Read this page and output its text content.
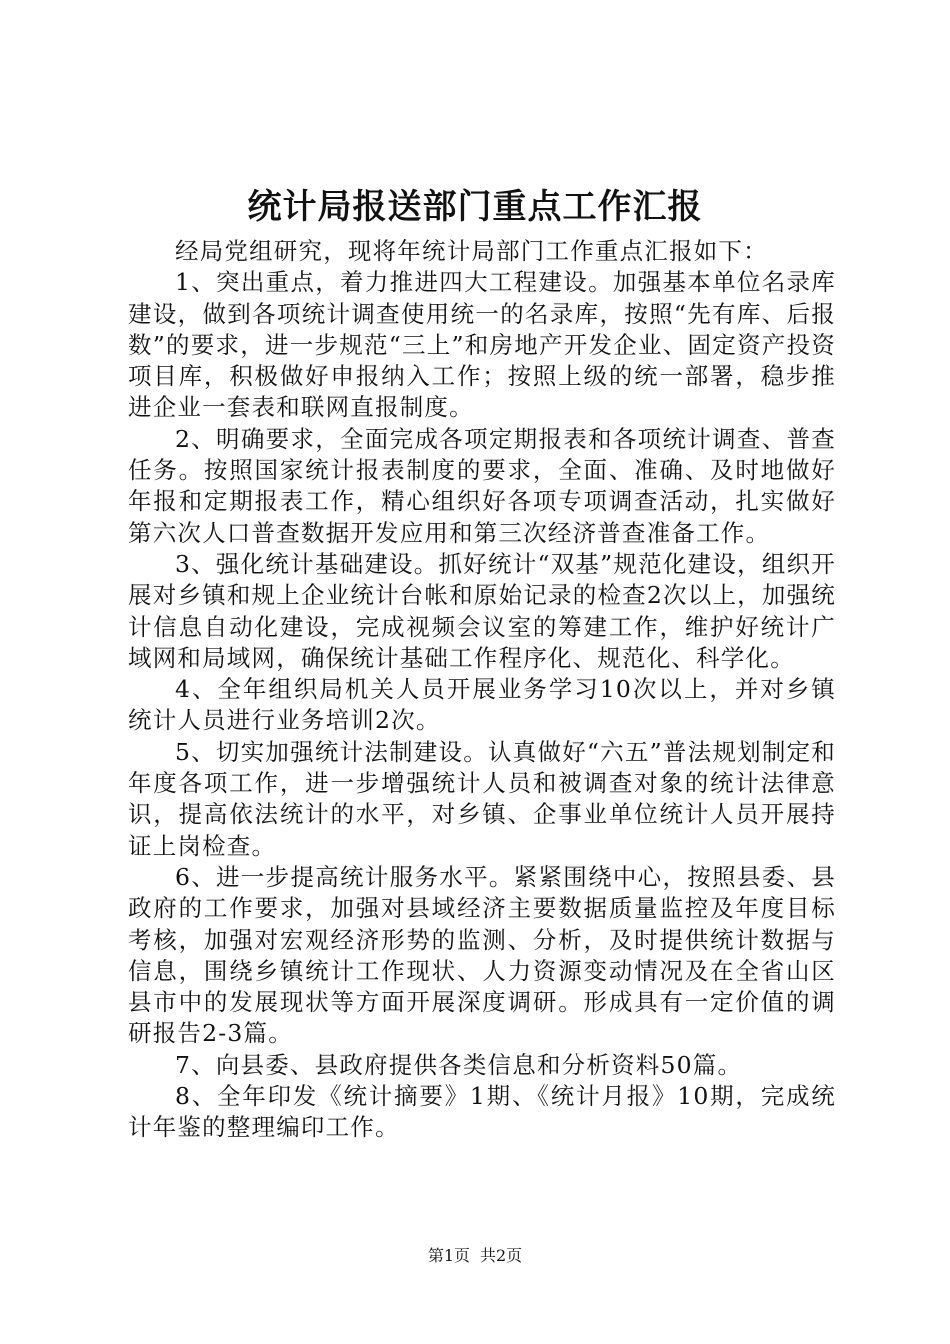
统计局报送部门重点工作汇报

经局党组研究，现将年统计局部门工作重点汇报如下：

1、突出重点，着力推进四大工程建设。加强基本单位名录库建设，做到各项统计调查使用统一的名录库，按照“先有库、后报数”的要求，进一步规范“三上”和房地产开发企业、固定资产投资项目库，积极做好申报纳入工作；按照上级的统一部署，稳步推进企业一套表和联网直报制度。

2、明确要求，全面完成各项定期报表和各项统计调查、普查任务。按照国家统计报表制度的要求，全面、准确、及时地做好年报和定期报表工作，精心组织好各项专项调查活动，扎实做好第六次人口普查数据开发应用和第三次经济普查准备工作。

3、强化统计基础建设。抓好统计“双基”规范化建设，组织开展对乡镇和规上企业统计台帐和原始记录的检查2次以上，加强统计信息自动化建设，完成视频会议室的筹建工作，维护好统计广域网和局域网，确保统计基础工作程序化、规范化、科学化。

4、全年组织局机关人员开展业务学习10次以上，并对乡镇统计人员进行业务培训2次。

5、切实加强统计法制建设。认真做好“六五”普法规划制定和年度各项工作，进一步增强统计人员和被调查对象的统计法律意识，提高依法统计的水平，对乡镇、企事业单位统计人员开展持证上岗检查。

6、进一步提高统计服务水平。紧紧围绕中心，按照县委、县政府的工作要求，加强对县域经济主要数据质量监控及年度目标考核，加强对宏观经济形势的监测、分析，及时提供统计数据与信息，围绕乡镇统计工作现状、人力资源变动情况及在全省山区县市中的发展现状等方面开展深度调研。形成具有一定价值的调研报告2-3篇。

7、向县委、县政府提供各类信息和分析资料50篇。

8、全年印发《统计摘要》1期、《统计月报》10期，完成统计年鉴的整理编印工作。

第1页 共2页
